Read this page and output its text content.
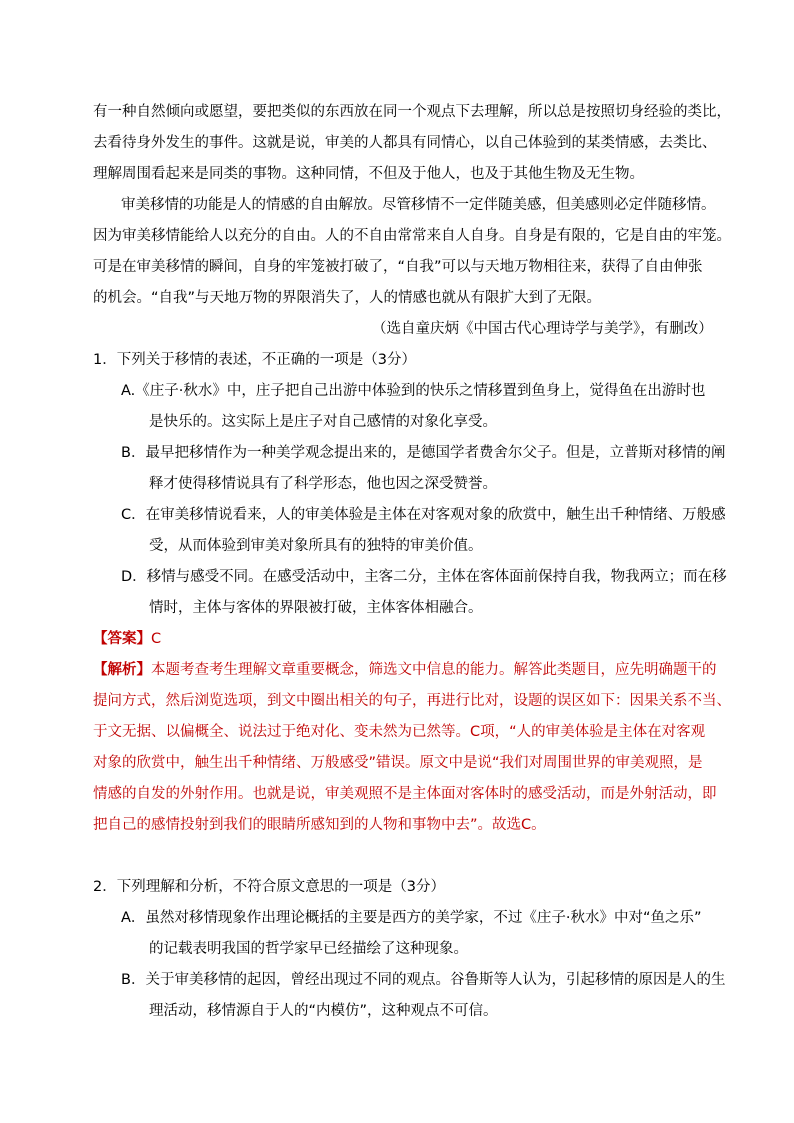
有一种自然倾向或愿望，要把类似的东西放在同一个观点下去理解，所以总是按照切身经验的类比，

去看待身外发生的事件。这就是说，审美的人都具有同情心，以自己体验到的某类情感，去类比、

理解周围看起来是同类的事物。这种同情，不但及于他人，也及于其他生物及无生物。

审美移情的功能是人的情感的自由解放。尽管移情不一定伴随美感，但美感则必定伴随移情。

因为审美移情能给人以充分的自由。人的不自由常常来自人自身。自身是有限的，它是自由的牢笼。

可是在审美移情的瞬间，自身的牢笼被打破了，“自我”可以与天地万物相往来，获得了自由伸张

的机会。“自我”与天地万物的界限消失了，人的情感也就从有限扩大到了无限。

（选自童庆炳《中国古代心理诗学与美学》，有删改）

1．下列关于移情的表述，不正确的一项是（3分）

A.《庄子·秋水》中，庄子把自己出游中体验到的快乐之情移置到鱼身上，觉得鱼在出游时也

是快乐的。这实际上是庄子对自己感情的对象化享受。

B．最早把移情作为一种美学观念提出来的，是德国学者费舍尔父子。但是，立普斯对移情的阐

释才使得移情说具有了科学形态，他也因之深受赞誉。

C．在审美移情说看来，人的审美体验是主体在对客观对象的欣赏中，触生出千种情绪、万般感

受，从而体验到审美对象所具有的独特的审美价值。

D．移情与感受不同。在感受活动中，主客二分，主体在客体面前保持自我，物我两立；而在移

情时，主体与客体的界限被打破，主体客体相融合。

【答案】C

【解析】本题考查考生理解文章重要概念，筛选文中信息的能力。解答此类题目，应先明确题干的

提问方式，然后浏览选项，到文中圈出相关的句子，再进行比对，设题的误区如下：因果关系不当、

于文无据、以偏概全、说法过于绝对化、变未然为已然等。C项，“人的审美体验是主体在对客观

对象的欣赏中，触生出千种情绪、万般感受”错误。原文中是说“我们对周围世界的审美观照，是

情感的自发的外射作用。也就是说，审美观照不是主体面对客体时的感受活动，而是外射活动，即

把自己的感情投射到我们的眼睛所感知到的人物和事物中去”。故选C。

2．下列理解和分析，不符合原文意思的一项是（3分）

A．虽然对移情现象作出理论概括的主要是西方的美学家，不过《庄子·秋水》中对“鱼之乐”

的记载表明我国的哲学家早已经描绘了这种现象。

B．关于审美移情的起因，曾经出现过不同的观点。谷鲁斯等人认为，引起移情的原因是人的生

理活动，移情源自于人的“内模仿”，这种观点不可信。
